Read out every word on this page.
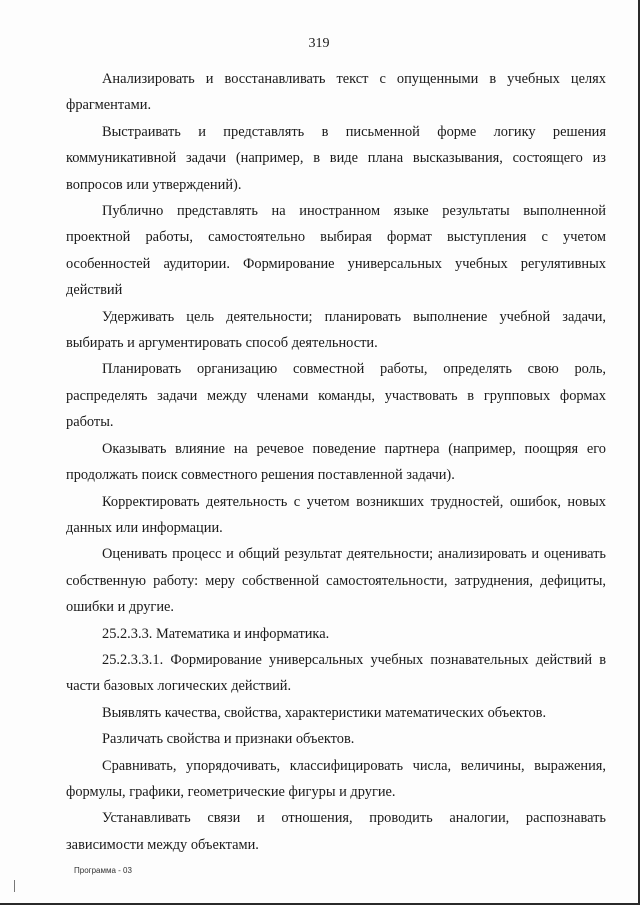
319

Анализировать и восстанавливать текст с опущенными в учебных целях фрагментами.

Выстраивать и представлять в письменной форме логику решения коммуникативной задачи (например, в виде плана высказывания, состоящего из вопросов или утверждений).

Публично представлять на иностранном языке результаты выполненной проектной работы, самостоятельно выбирая формат выступления с учетом особенностей аудитории. Формирование универсальных учебных регулятивных действий

Удерживать цель деятельности; планировать выполнение учебной задачи, выбирать и аргументировать способ деятельности.

Планировать организацию совместной работы, определять свою роль, распределять задачи между членами команды, участвовать в групповых формах работы.

Оказывать влияние на речевое поведение партнера (например, поощряя его продолжать поиск совместного решения поставленной задачи).

Корректировать деятельность с учетом возникших трудностей, ошибок, новых данных или информации.

Оценивать процесс и общий результат деятельности; анализировать и оценивать собственную работу: меру собственной самостоятельности, затруднения, дефициты, ошибки и другие.

25.2.3.3. Математика и информатика.

25.2.3.3.1. Формирование универсальных учебных познавательных действий в части базовых логических действий.

Выявлять качества, свойства, характеристики математических объектов.

Различать свойства и признаки объектов.

Сравнивать, упорядочивать, классифицировать числа, величины, выражения, формулы, графики, геометрические фигуры и другие.

Устанавливать связи и отношения, проводить аналогии, распознавать зависимости между объектами.

Программа - 03
